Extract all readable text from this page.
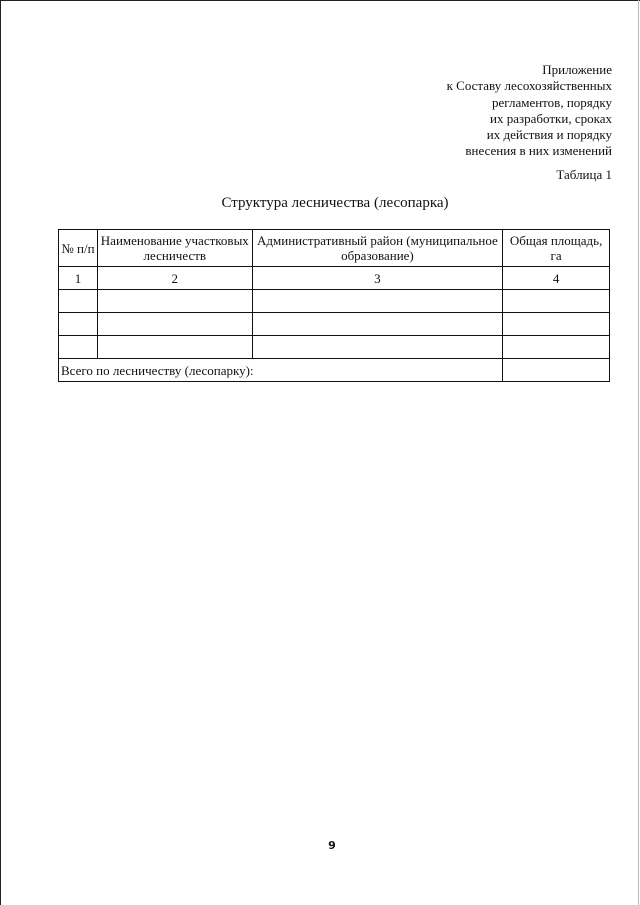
Приложение
к Составу лесохозяйственных
регламентов, порядку
их разработки, сроках
их действия и порядку
внесения в них изменений
Таблица 1
Структура лесничества (лесопарка)
№ п/п	Наименование участковых лесничеств	Административный район (муниципальное образование)	Общая площадь, га
1	2	3	4

Всего по лесничеству (лесопарку):			
9
